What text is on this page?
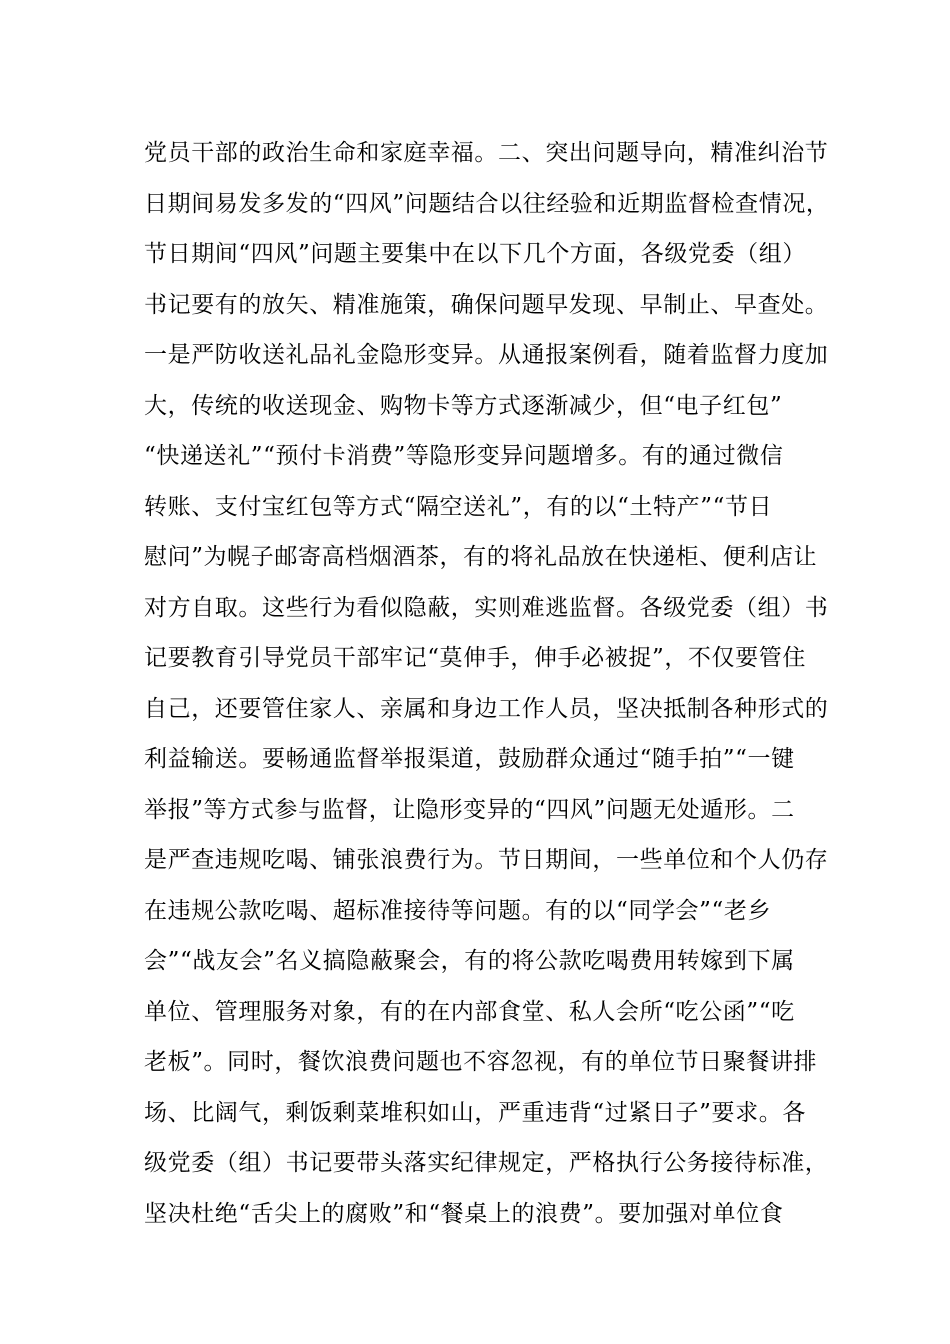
党员干部的政治生命和家庭幸福。二、突出问题导向，精准纠治节
日期间易发多发的“四风”问题结合以往经验和近期监督检查情况，
节日期间“四风”问题主要集中在以下几个方面，各级党委（组）
书记要有的放矢、精准施策，确保问题早发现、早制止、早查处。
一是严防收送礼品礼金隐形变异。从通报案例看，随着监督力度加
大，传统的收送现金、购物卡等方式逐渐减少，但“电子红包”
“快递送礼”“预付卡消费”等隐形变异问题增多。有的通过微信
转账、支付宝红包等方式“隔空送礼”，有的以“土特产”“节日
慰问”为幌子邮寄高档烟酒茶，有的将礼品放在快递柜、便利店让
对方自取。这些行为看似隐蔽，实则难逃监督。各级党委（组）书
记要教育引导党员干部牢记“莫伸手，伸手必被捉”，不仅要管住
自己，还要管住家人、亲属和身边工作人员，坚决抵制各种形式的
利益输送。要畅通监督举报渠道，鼓励群众通过“随手拍”“一键
举报”等方式参与监督，让隐形变异的“四风”问题无处遁形。二
是严查违规吃喝、铺张浪费行为。节日期间，一些单位和个人仍存
在违规公款吃喝、超标准接待等问题。有的以“同学会”“老乡
会”“战友会”名义搞隐蔽聚会，有的将公款吃喝费用转嫁到下属
单位、管理服务对象，有的在内部食堂、私人会所“吃公函”“吃
老板”。同时，餐饮浪费问题也不容忽视，有的单位节日聚餐讲排
场、比阔气，剩饭剩菜堆积如山，严重违背“过紧日子”要求。各
级党委（组）书记要带头落实纪律规定，严格执行公务接待标准，
坚决杜绝“舌尖上的腐败”和“餐桌上的浪费”。要加强对单位食
